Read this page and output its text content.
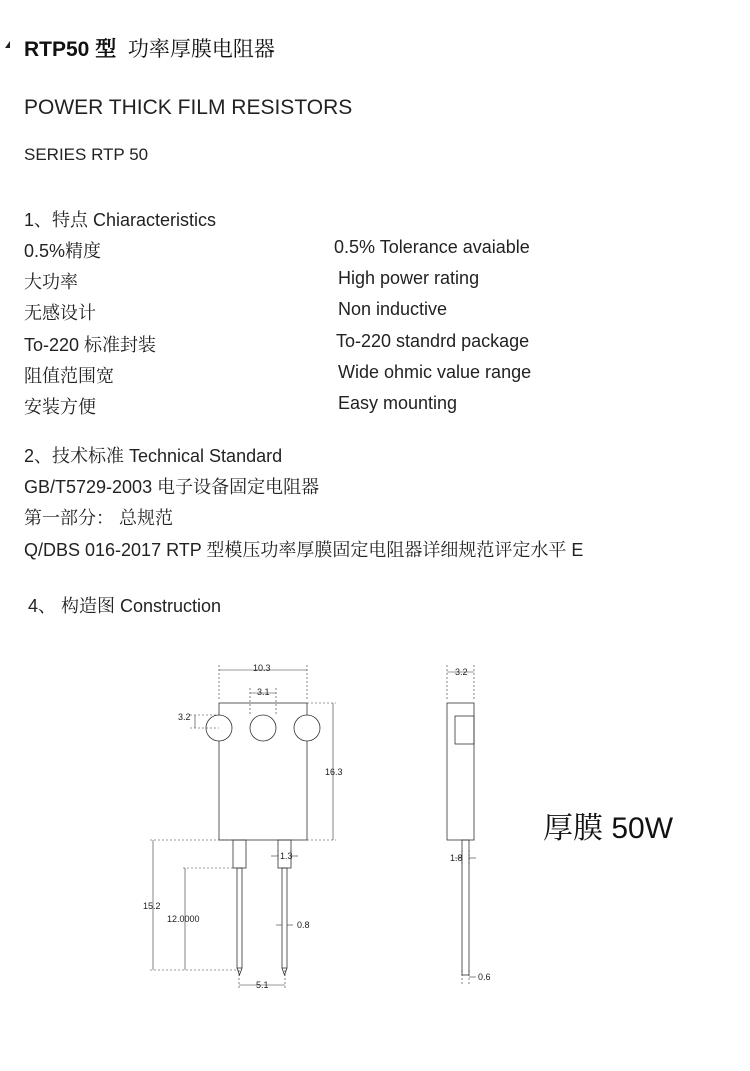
RTP50 型 功率厚膜电阻器
POWER THICK FILM RESISTORS
SERIES RTP 50
1、特点 Chiaracteristics
0.5%精度	0.5% Tolerance avaiable
大功率	High power rating
无感设计	Non inductive
To-220 标准封装	To-220 standrd package
阻值范围宽	Wide ohmic value range
安装方便	Easy mounting
2、技术标准 Technical Standard
GB/T5729-2003 电子设备固定电阻器
第一部分： 总规范
Q/DBS 016-2017 RTP 型模压功率厚膜固定电阻器详细规范评定水平 E
4、 构造图 Construction
10.3
3.1
3.2
16.3
1.3
15.2
12.0000
0.8
5.1
3.2
1.8
0.6
厚膜 50W
